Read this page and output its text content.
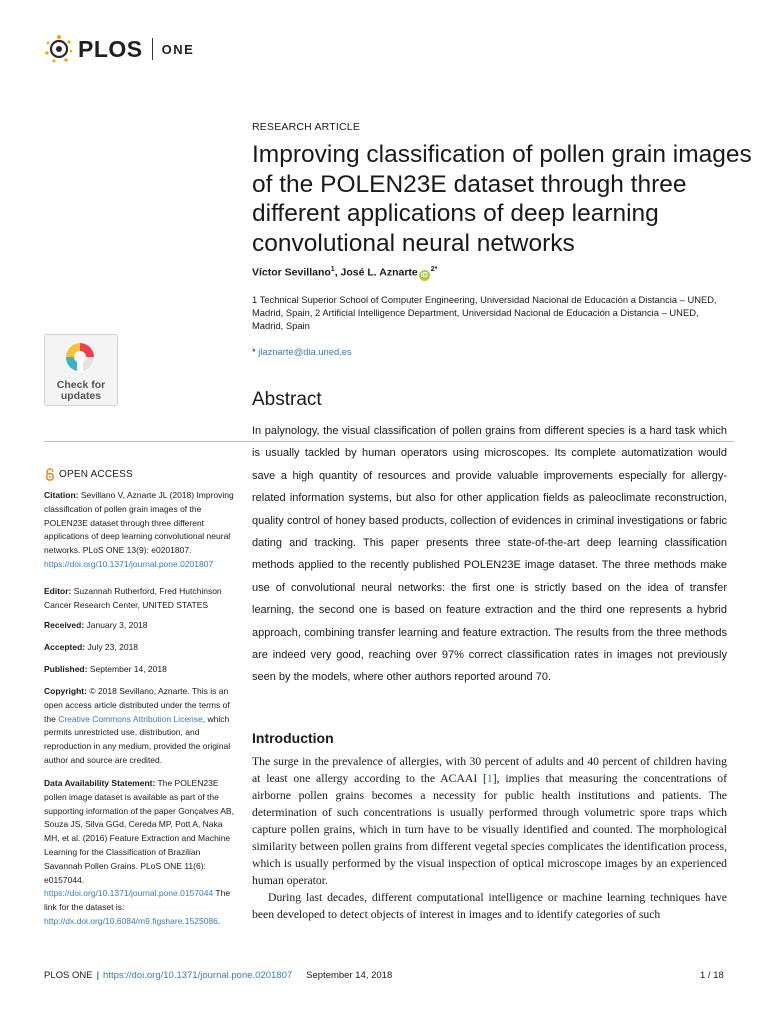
PLOS ONE
RESEARCH ARTICLE
Improving classification of pollen grain images of the POLEN23E dataset through three different applications of deep learning convolutional neural networks
Víctor Sevillano$^1$, José L. Aznarte $iD^{2*}$
1 Technical Superior School of Computer Engineering, Universidad Nacional de Educación a Distancia – UNED, Madrid, Spain, 2 Artificial Intelligence Department, Universidad Nacional de Educación a Distancia – UNED, Madrid, Spain
* jlaznarte@dia.uned.es
Check for
updates	Abstract
In palynology, the visual classification of pollen grains from different species is a hard task which is usually tackled by human operators using microscopes. Its complete automatization would save a high quantity of resources and provide valuable improvements especially for allergy-related information systems, but also for other application fields as paleoclimate reconstruction, quality control of honey based products, collection of evidences in criminal investigations or fabric dating and tracking. This paper presents three state-of-the-art deep learning classification methods applied to the recently published POLEN23E image dataset. The three methods make use of convolutional neural networks: the first one is strictly based on the idea of transfer learning, the second one is based on feature extraction and the third one represents a hybrid approach, combining transfer learning and feature extraction. The results from the three methods are indeed very good, reaching over 97% correct classification rates in images not previously seen by the models, where other authors reported around 70.
OPEN ACCESS
Citation: Sevillano V, Aznarte JL (2018) Improving classification of pollen grain images of the POLEN23E dataset through three different applications of deep learning convolutional neural networks. PLoS ONE 13(9): e0201807. https://doi.org/10.1371/journal.pone.0201807
Editor: Suzannah Rutherford, Fred Hutchinson Cancer Research Center, UNITED STATES
Received: January 3, 2018
Accepted: July 23, 2018
Published: September 14, 2018
Copyright: © 2018 Sevillano, Aznarte. This is an open access article distributed under the terms of the Creative Commons Attribution License, which permits unrestricted use, distribution, and reproduction in any medium, provided the original author and source are credited.
Data Availability Statement: The POLEN23E pollen image dataset is available as part of the supporting information of the paper Gonçalves AB, Souza JS, Silva GGd, Cereda MP, Pott A, Naka MH, et al. (2016) Feature Extraction and Machine Learning for the Classification of Brazilian Savannah Pollen Grains. PLoS ONE 11(6): e0157044. https://doi.org/10.1371/journal.pone.0157044 The link for the dataset is: http://dx.doi.org/10.6084/m9.figshare.1525086.
Introduction

The surge in the prevalence of allergies, with 30 percent of adults and 40 percent of children having at least one allergy according to the ACAAI [1], implies that measuring the concentrations of airborne pollen grains becomes a necessity for public health institutions and patients. The determination of such concentrations is usually performed through volumetric spore traps which capture pollen grains, which in turn have to be visually identified and counted. The morphological similarity between pollen grains from different vegetal species complicates the identification process, which is usually performed by the visual inspection of optical microscope images by an experienced human operator.

During last decades, different computational intelligence or machine learning techniques have been developed to detect objects of interest in images and to identify categories of such

PLOS ONE | https://doi.org/10.1371/journal.pone.0201807 September 14, 2018	1 / 18
